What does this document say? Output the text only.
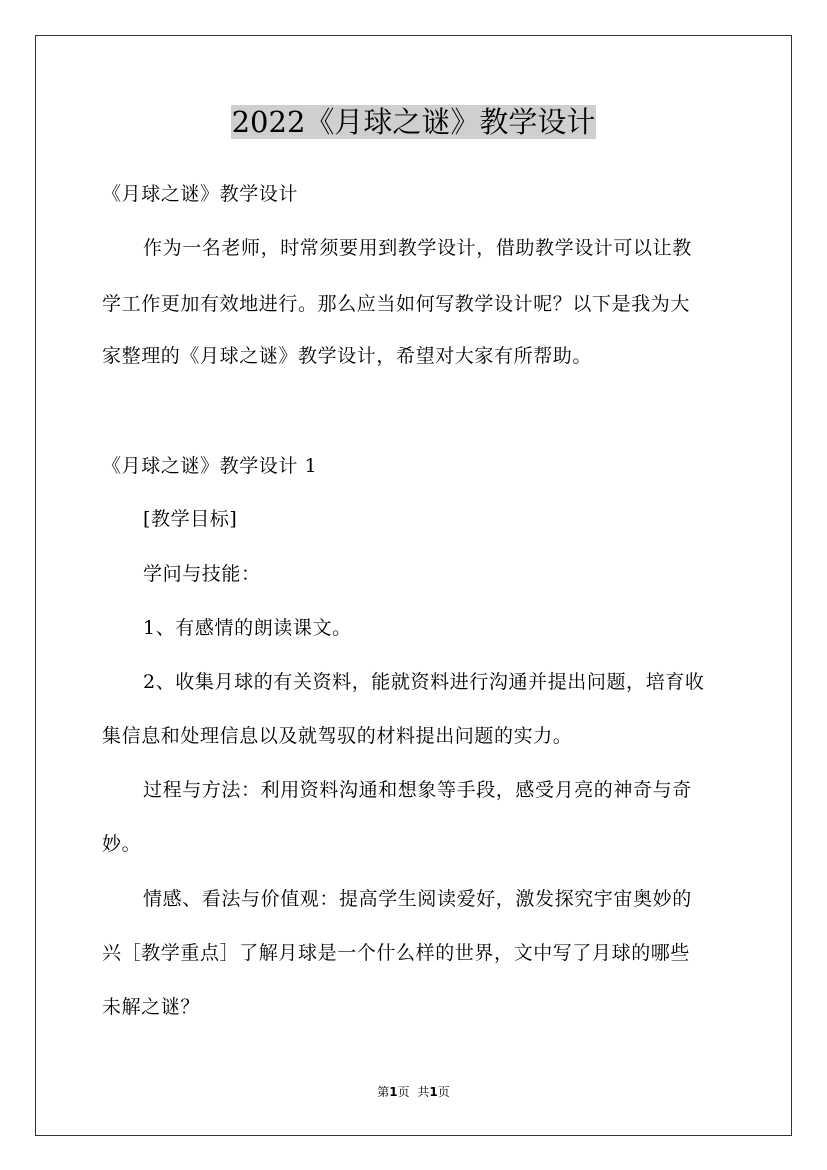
2022《月球之谜》教学设计
《月球之谜》教学设计
作为一名老师，时常须要用到教学设计，借助教学设计可以让教
学工作更加有效地进行。那么应当如何写教学设计呢？以下是我为大
家整理的《月球之谜》教学设计，希望对大家有所帮助。
《月球之谜》教学设计 1
[教学目标]
学问与技能：
1、有感情的朗读课文。
2、收集月球的有关资料，能就资料进行沟通并提出问题，培育收
集信息和处理信息以及就驾驭的材料提出问题的实力。
过程与方法：利用资料沟通和想象等手段，感受月亮的神奇与奇
妙。
情感、看法与价值观：提高学生阅读爱好，激发探究宇宙奥妙的
兴［教学重点］了解月球是一个什么样的世界，文中写了月球的哪些
未解之谜？
第1页 共1页
